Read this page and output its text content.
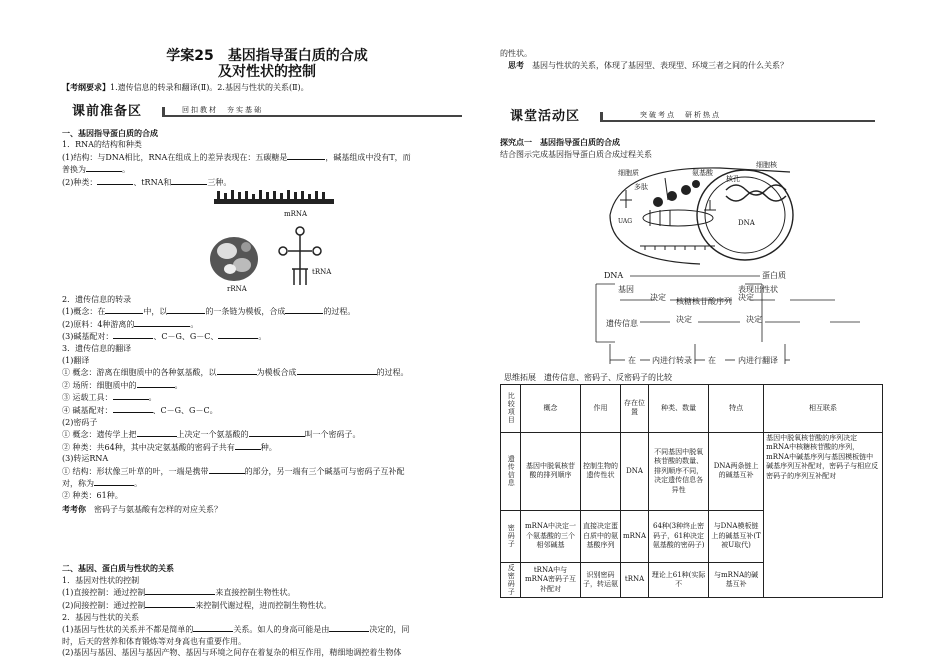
学案25　基因指导蛋白质的合成
及对性状的控制
【考纲要求】1.遗传信息的转录和翻译(Ⅱ)。2.基因与性状的关系(Ⅱ)。
课前准备区	回扣教材　夯实基础
一、基因指导蛋白质的合成
1．RNA的结构和种类
(1)结构：与DNA相比，RNA在组成上的差异表现在：五碳糖是	，碱基组成中没有T，而
普换为	。
(2)种类：	、tRNA和	三种。
mRNA
rRNA
tRNA
2．遗传信息的转录
(1)概念：在	中，以	的一条链为模板，合成	的过程。
(2)原料：4种游离的	。
(3)碱基配对：	、C－G、G－C、	。
3．遗传信息的翻译
(1)翻译
① 概念：游离在细胞质中的各种氨基酸，以	为模板合成	的过程。
② 场所：细胞质中的	。
③ 运载工具：	。
④ 碱基配对：	、C－G、G－C。
(2)密码子
① 概念：遗传学上把	上决定一个氨基酸的	叫一个密码子。
② 种类：共64种，其中决定氨基酸的密码子共有	种。
(3)转运RNA
① 结构：形状像三叶草的叶，一端是携带	的部分，另一端有三个碱基可与密码子互补配
对，称为	。
② 种类：61种。
考考你　 密码子与氨基酸有怎样的对应关系？
二、基因、蛋白质与性状的关系
1．基因对性状的控制
(1)直接控制：通过控制	来直接控制生物性状。
(2)间接控制：通过控制	来控制代谢过程，进而控制生物性状。
2．基因与性状的关系
(1)基因与性状的关系并不都是简单的	关系。如人的身高可能是由	决定的，同
时，后天的营养和体育锻炼等对身高也有重要作用。
(2)基因与基因、基因与基因产物、基因与环境之间存在着复杂的相互作用，精细地调控着生物体
的性状。
思考　 基因与性状的关系，体现了基因型、表现型、环境三者之间的什么关系？
课堂活动区	突破考点　研析热点
探究点一　基因指导蛋白质的合成
结合图示完成基因指导蛋白质合成过程关系
细胞质
细胞核
多肽
氨基酸
核孔
DNA
UAG
DNA	蛋白质
基因
决定 核糖核苷酸序列
表现出性状
决定
遗传信息	决定	决定
在 内进行转录 在	内进行翻译
思维拓展　 遗传信息、密码子、反密码子的比较
比较项目	概念	作用	存在位置	种类、数量	特点	相互联系

遗传信息	基因中脱氧核苷酸的排列顺序	控制生物的遗传性状	DNA	不同基因中脱氧核苷酸的数量、排列顺序不同，决定遗传信息各异性	DNA两条链上的碱基互补	基因中脱氧核苷酸的序列决定mRNA中核糖核苷酸的序列，mRNA中碱基序列与基因模板链中碱基序列互补配对，密码子与相应反密码子的序列互补配对

密码子	mRNA中决定一个氨基酸的三个相邻碱基	直接决定蛋白质中的氨基酸序列	mRNA	64种(3种终止密码子，61种决定氨基酸的密码子)	与DNA模板链上的碱基互补(T被U取代)	

反密码子	tRNA中与mRNA密码子互补配对	识别密码子，转运氨	tRNA	理论上61种(实际不	与mRNA的碱基互补	
